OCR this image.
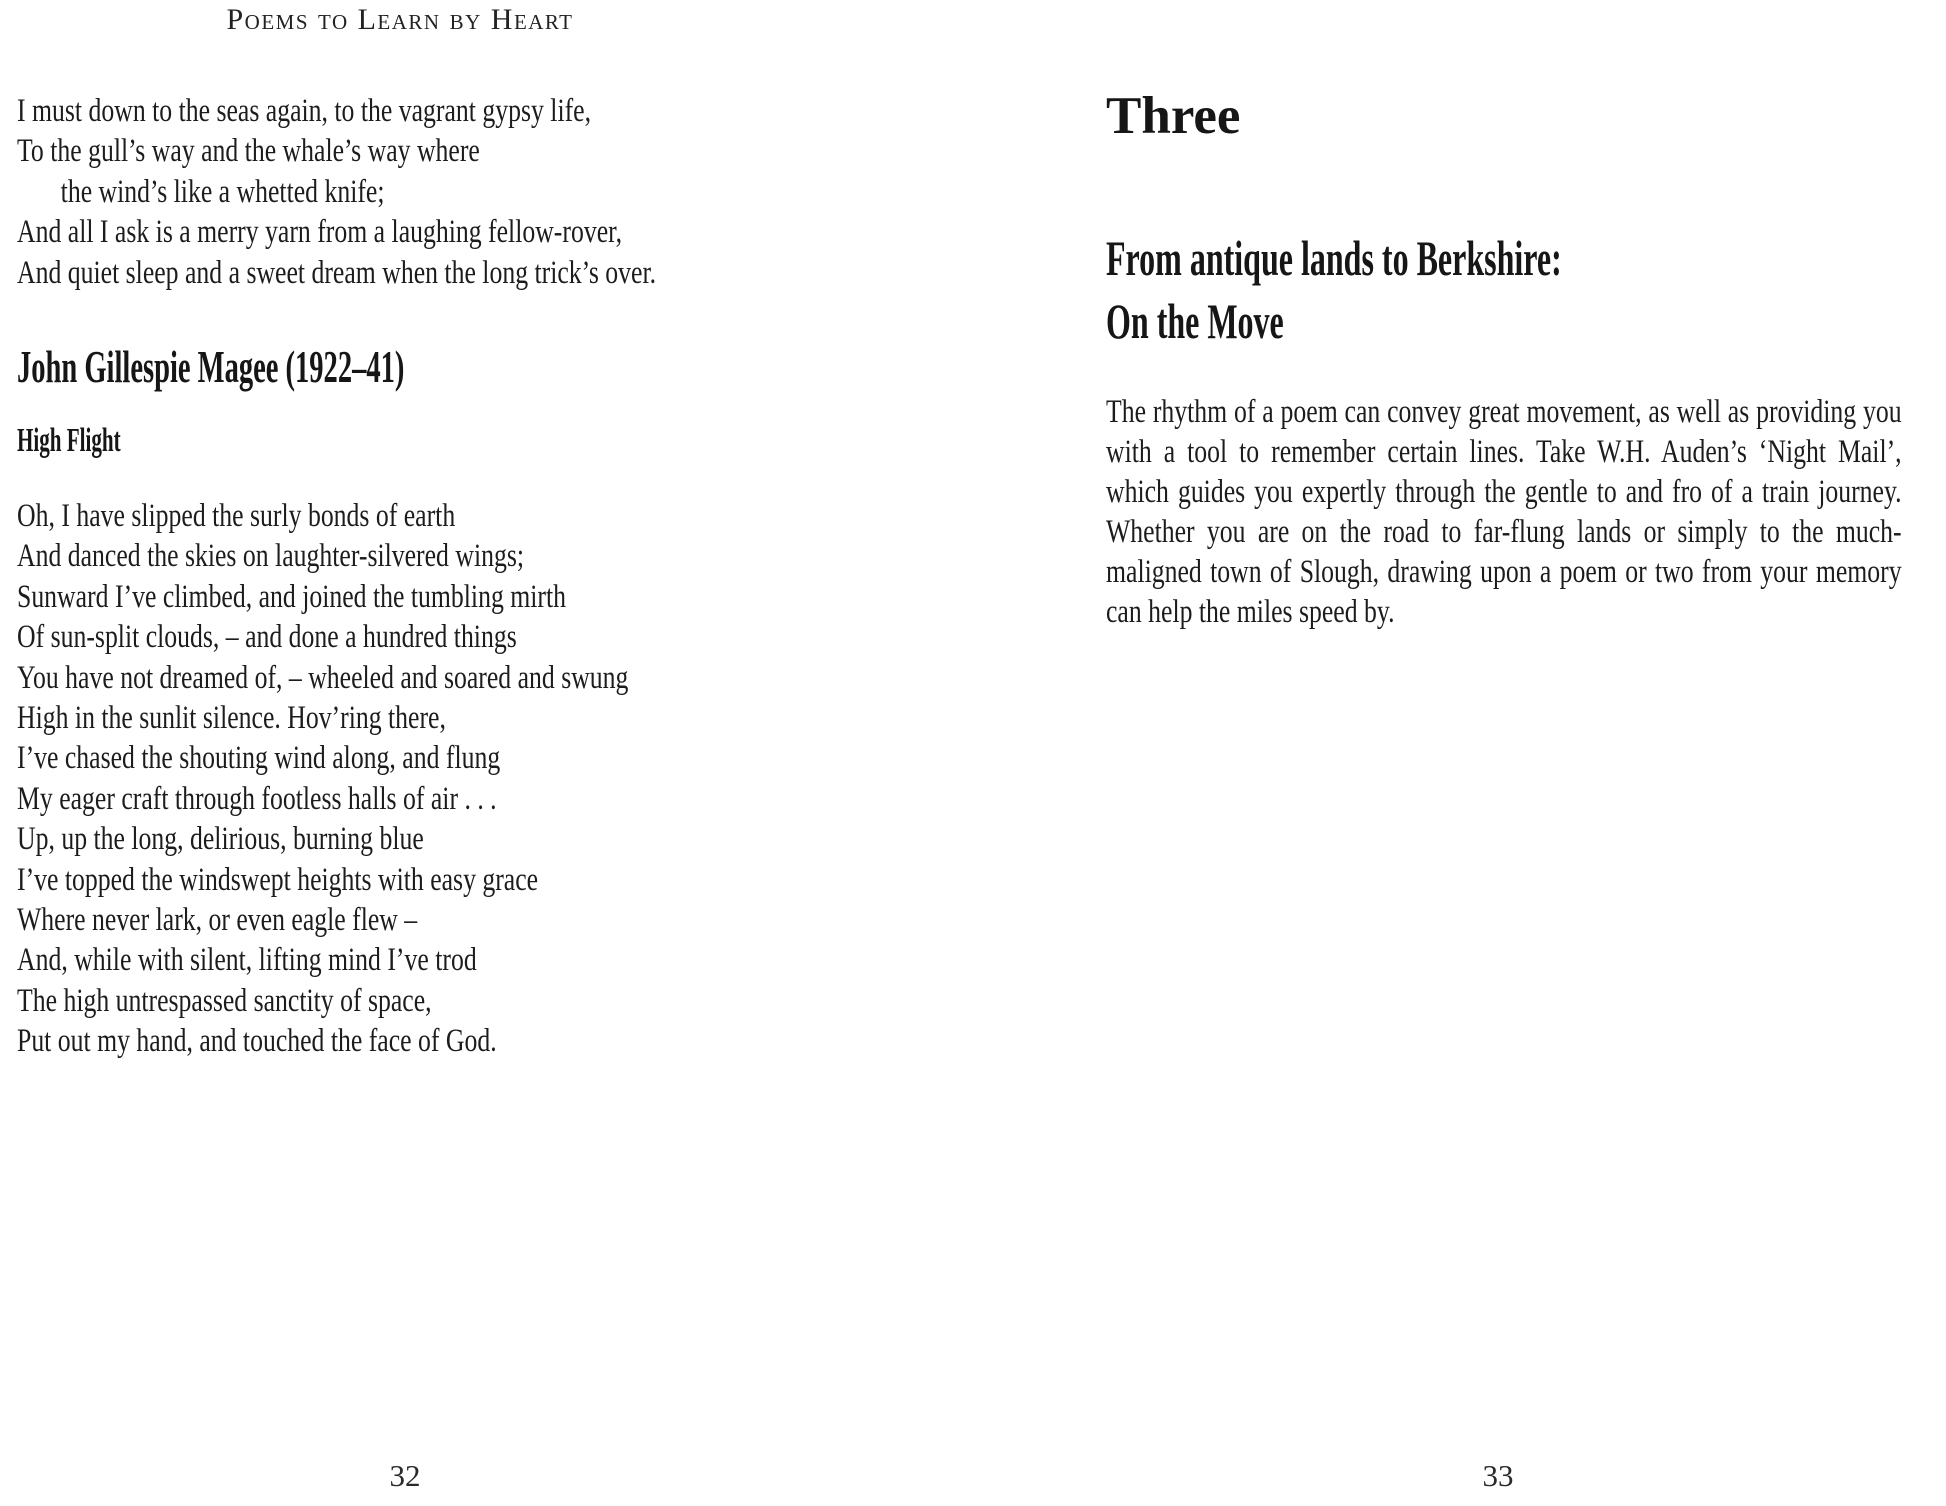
Poems to Learn by Heart
I must down to the seas again, to the vagrant gypsy life,
To the gull’s way and the whale’s way where
the wind’s like a whetted knife;
And all I ask is a merry yarn from a laughing fellow-rover,
And quiet sleep and a sweet dream when the long trick’s over.
John Gillespie Magee (1922–41)
High Flight
Oh, I have slipped the surly bonds of earth
And danced the skies on laughter-silvered wings;
Sunward I’ve climbed, and joined the tumbling mirth
Of sun-split clouds, – and done a hundred things
You have not dreamed of, – wheeled and soared and swung
High in the sunlit silence. Hov’ring there,
I’ve chased the shouting wind along, and flung
My eager craft through footless halls of air . . .
Up, up the long, delirious, burning blue
I’ve topped the windswept heights with easy grace
Where never lark, or even eagle flew –
And, while with silent, lifting mind I’ve trod
The high untrespassed sanctity of space,
Put out my hand, and touched the face of God.
32
Three
From antique lands to Berkshire:
On the Move

The rhythm of a poem can convey great movement, as well as providing you with a tool to remember certain lines. Take W.H. Auden’s ‘Night Mail’, which guides you expertly through the gentle to and fro of a train journey. Whether you are on the road to far-flung lands or simply to the much-maligned town of Slough, drawing upon a poem or two from your memory can help the miles speed by.

33
